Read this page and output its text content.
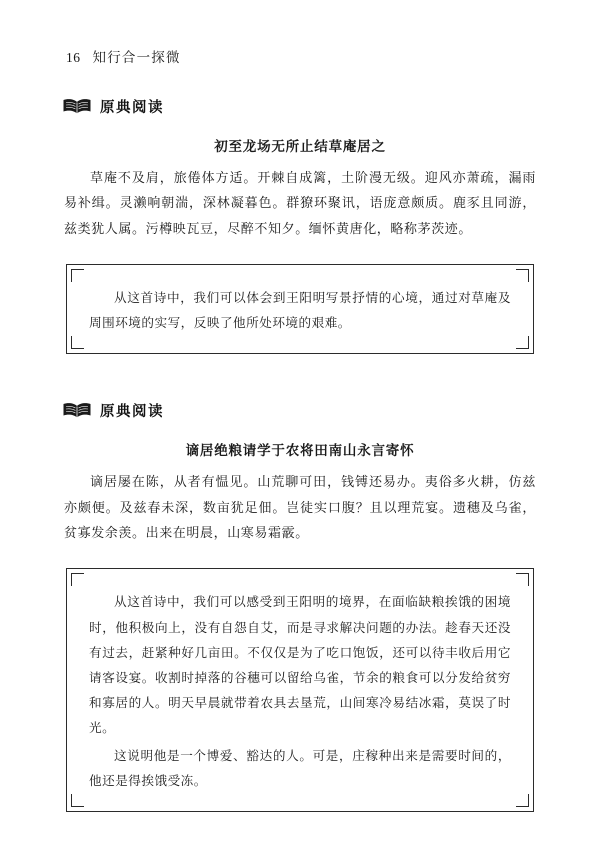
16 知行合一探微
原典阅读
初至龙场无所止结草庵居之

草庵不及肩，旅倦体方适。开棘自成篱，土阶漫无级。迎风亦萧疏，漏雨易补缉。灵濑响朝湍，深林凝暮色。群獠环聚讯，语庞意颇质。鹿豕且同游，兹类犹人属。污樽映瓦豆，尽醉不知夕。缅怀黄唐化，略称茅茨迹。

从这首诗中，我们可以体会到王阳明写景抒情的心境，通过对草庵及周围环境的实写，反映了他所处环境的艰难。

原典阅读
谪居绝粮请学于农将田南山永言寄怀

谪居屡在陈，从者有愠见。山荒聊可田，钱镈还易办。夷俗多火耕，仿兹亦颇便。及兹春未深，数亩犹足佃。岂徒实口腹？且以理荒宴。遗穗及乌雀，贫寡发余羡。出来在明晨，山寒易霜霰。

从这首诗中，我们可以感受到王阳明的境界，在面临缺粮挨饿的困境时，他积极向上，没有自怨自艾，而是寻求解决问题的办法。趁春天还没有过去，赶紧种好几亩田。不仅仅是为了吃口饱饭，还可以待丰收后用它请客设宴。收割时掉落的谷穗可以留给乌雀，节余的粮食可以分发给贫穷和寡居的人。明天早晨就带着农具去垦荒，山间寒冷易结冰霜，莫误了时光。

这说明他是一个博爱、豁达的人。可是，庄稼种出来是需要时间的，他还是得挨饿受冻。
